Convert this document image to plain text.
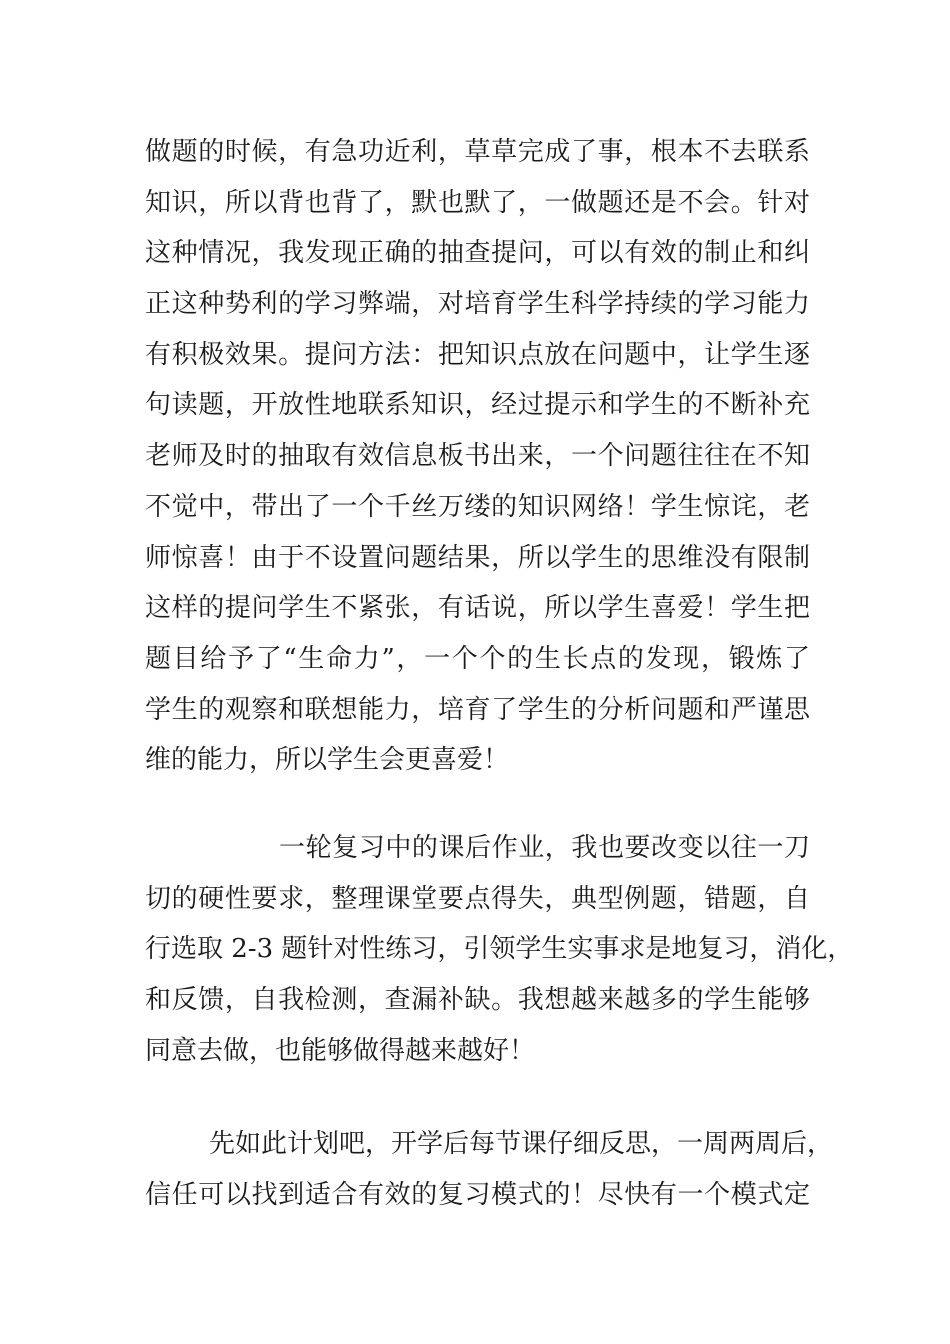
做题的时候，有急功近利，草草完成了事，根本不去联系
知识，所以背也背了，默也默了，一做题还是不会。针对
这种情况，我发现正确的抽查提问，可以有效的制止和纠
正这种势利的学习弊端，对培育学生科学持续的学习能力
有积极效果。提问方法：把知识点放在问题中，让学生逐
句读题，开放性地联系知识，经过提示和学生的不断补充
老师及时的抽取有效信息板书出来，一个问题往往在不知
不觉中，带出了一个千丝万缕的知识网络！学生惊诧，老
师惊喜！由于不设置问题结果，所以学生的思维没有限制
这样的提问学生不紧张，有话说，所以学生喜爱！学生把
题目给予了“生命力”，一个个的生长点的发现，锻炼了
学生的观察和联想能力，培育了学生的分析问题和严谨思
维的能力，所以学生会更喜爱！
一轮复习中的课后作业，我也要改变以往一刀
切的硬性要求，整理课堂要点得失，典型例题，错题，自
行选取 2-3 题针对性练习，引领学生实事求是地复习，消化，
和反馈，自我检测，查漏补缺。我想越来越多的学生能够
同意去做，也能够做得越来越好！
先如此计划吧，开学后每节课仔细反思，一周两周后，
信任可以找到适合有效的复习模式的！尽快有一个模式定
